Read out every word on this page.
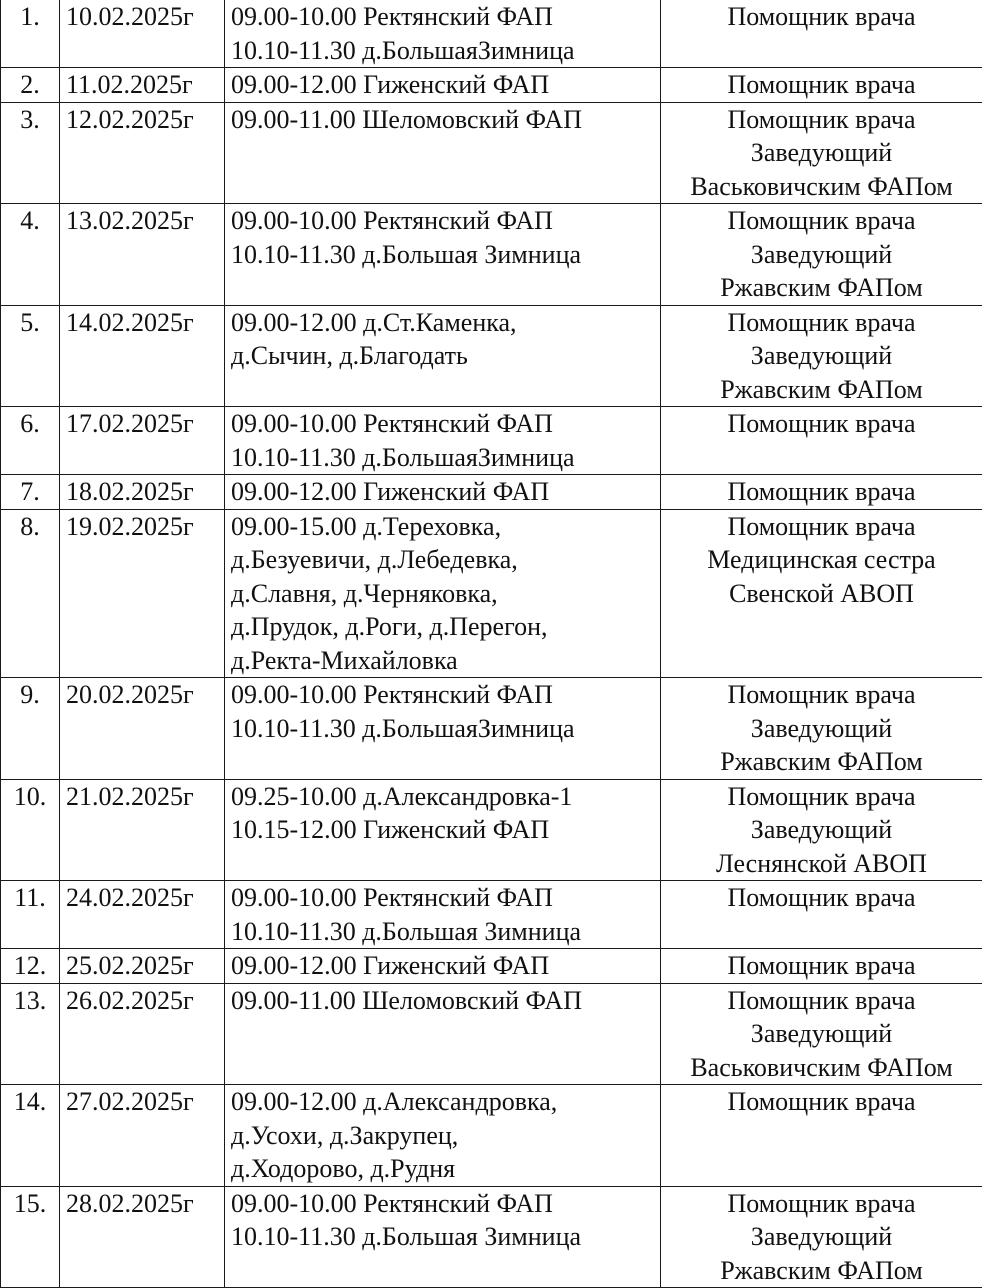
1.	10.02.2025г	09.00-10.00 Ректянский ФАП
10.10-11.30 д.БольшаяЗимница	Помощник врача

2.	11.02.2025г	09.00-12.00 Гиженский ФАП	Помощник врача

3.	12.02.2025г	09.00-11.00 Шеломовский ФАП	Помощник врача
Заведующий
Васьковичским ФАПом

4.	13.02.2025г	09.00-10.00 Ректянский ФАП
10.10-11.30 д.Большая Зимница	Помощник врача
Заведующий
Ржавским ФАПом

5.	14.02.2025г	09.00-12.00 д.Ст.Каменка,
д.Сычин, д.Благодать	Помощник врача
Заведующий
Ржавским ФАПом

6.	17.02.2025г	09.00-10.00 Ректянский ФАП
10.10-11.30 д.БольшаяЗимница	Помощник врача

7.	18.02.2025г	09.00-12.00 Гиженский ФАП	Помощник врача

8.	19.02.2025г	09.00-15.00 д.Тереховка,
д.Безуевичи, д.Лебедевка,
д.Славня, д.Черняковка,
д.Прудок, д.Роги, д.Перегон,
д.Ректа-Михайловка	Помощник врача
Медицинская сестра
Свенской АВОП

9.	20.02.2025г	09.00-10.00 Ректянский ФАП
10.10-11.30 д.БольшаяЗимница	Помощник врача
Заведующий
Ржавским ФАПом

10.	21.02.2025г	09.25-10.00 д.Александровка-1
10.15-12.00 Гиженский ФАП	Помощник врача
Заведующий
Леснянской АВОП

11.	24.02.2025г	09.00-10.00 Ректянский ФАП
10.10-11.30 д.Большая Зимница	Помощник врача

12.	25.02.2025г	09.00-12.00 Гиженский ФАП	Помощник врача

13.	26.02.2025г	09.00-11.00 Шеломовский ФАП	Помощник врача
Заведующий
Васьковичским ФАПом

14.	27.02.2025г	09.00-12.00 д.Александровка,
д.Усохи, д.Закрупец,
д.Ходорово, д.Рудня	Помощник врача

15.	28.02.2025г	09.00-10.00 Ректянский ФАП
10.10-11.30 д.Большая Зимница	Помощник врача
Заведующий
Ржавским ФАПом
